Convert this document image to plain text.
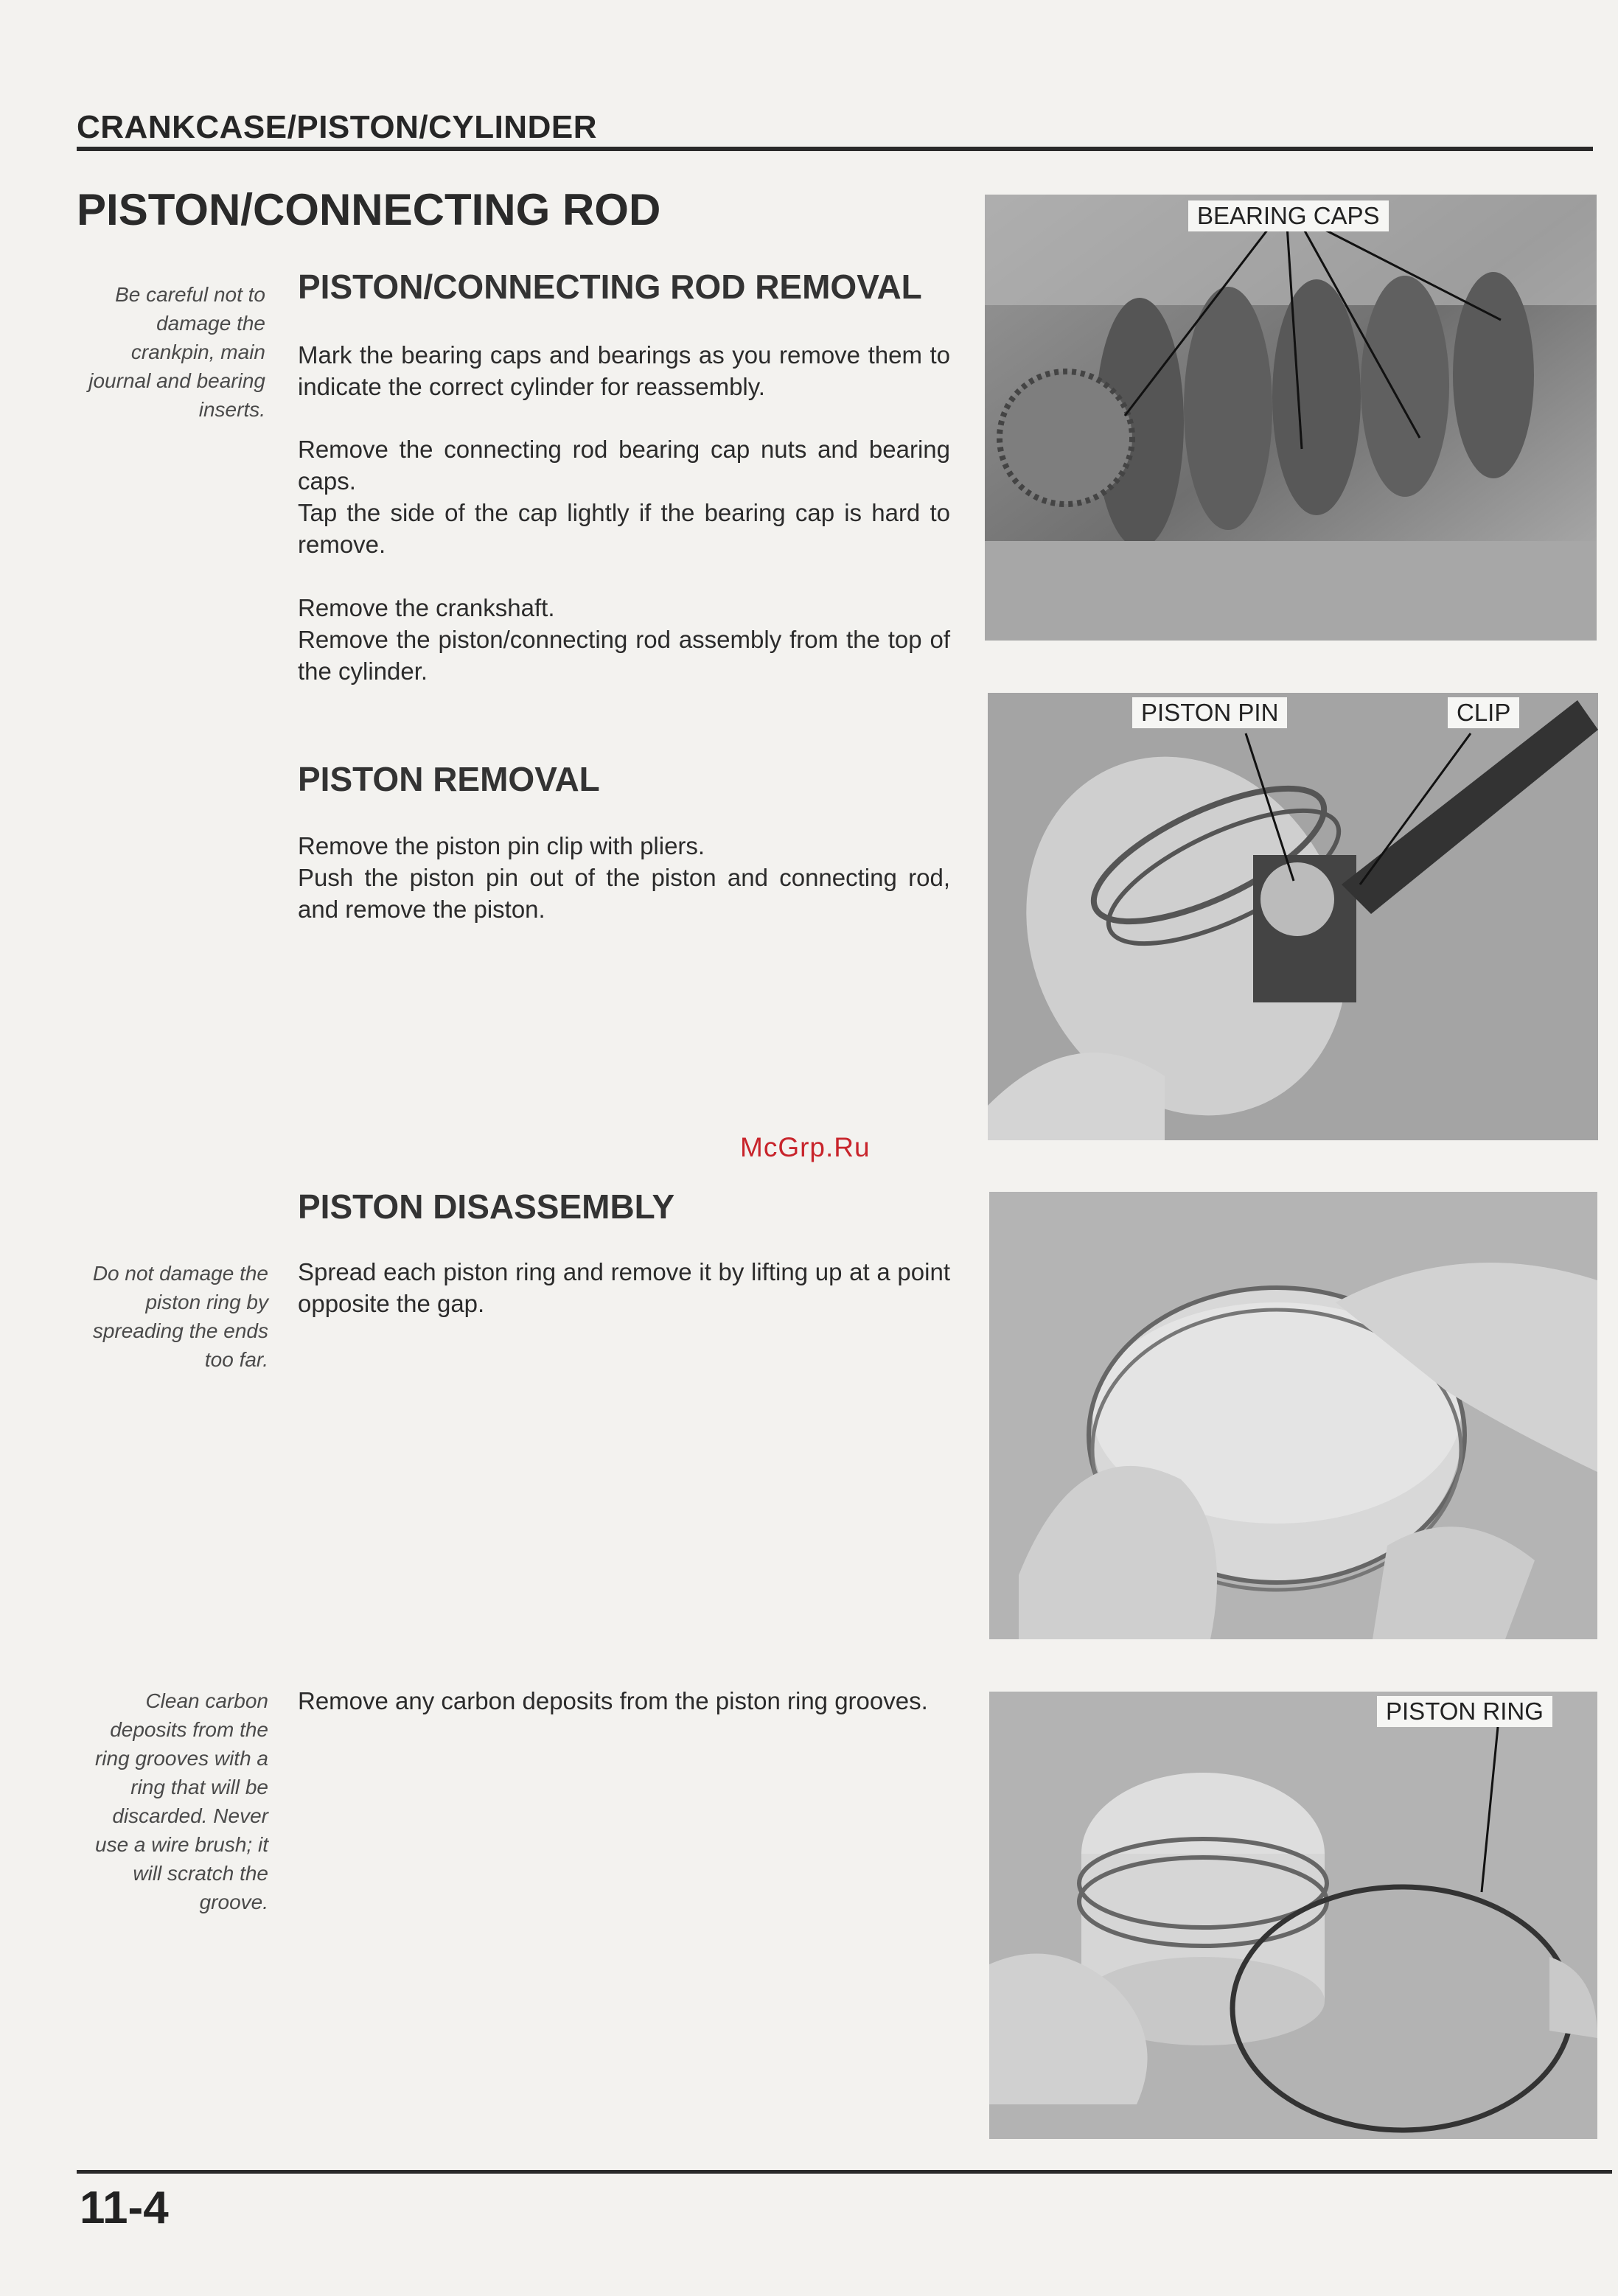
CRANKCASE/PISTON/CYLINDER
PISTON/CONNECTING ROD

Be careful not to damage the crankpin, main journal and bearing inserts.

PISTON/CONNECTING ROD REMOVAL

Mark the bearing caps and bearings as you remove them to indicate the correct cylinder for reassembly.

Remove the connecting rod bearing cap nuts and bearing caps.

Tap the side of the cap lightly if the bearing cap is hard to remove.

Remove the crankshaft.

Remove the piston/connecting rod assembly from the top of the cylinder.

PISTON REMOVAL

Remove the piston pin clip with pliers.

Push the piston pin out of the piston and connecting rod, and remove the piston.

McGrp.Ru
PISTON DISASSEMBLY

Do not damage the piston ring by spreading the ends too far.

Spread each piston ring and remove it by lifting up at a point opposite the gap.

Clean carbon deposits from the ring grooves with a ring that will be discarded. Never use a wire brush; it will scratch the groove.

Remove any carbon deposits from the piston ring grooves.

BEARING CAPS
PISTON PIN	CLIP
PISTON RING
11-4
